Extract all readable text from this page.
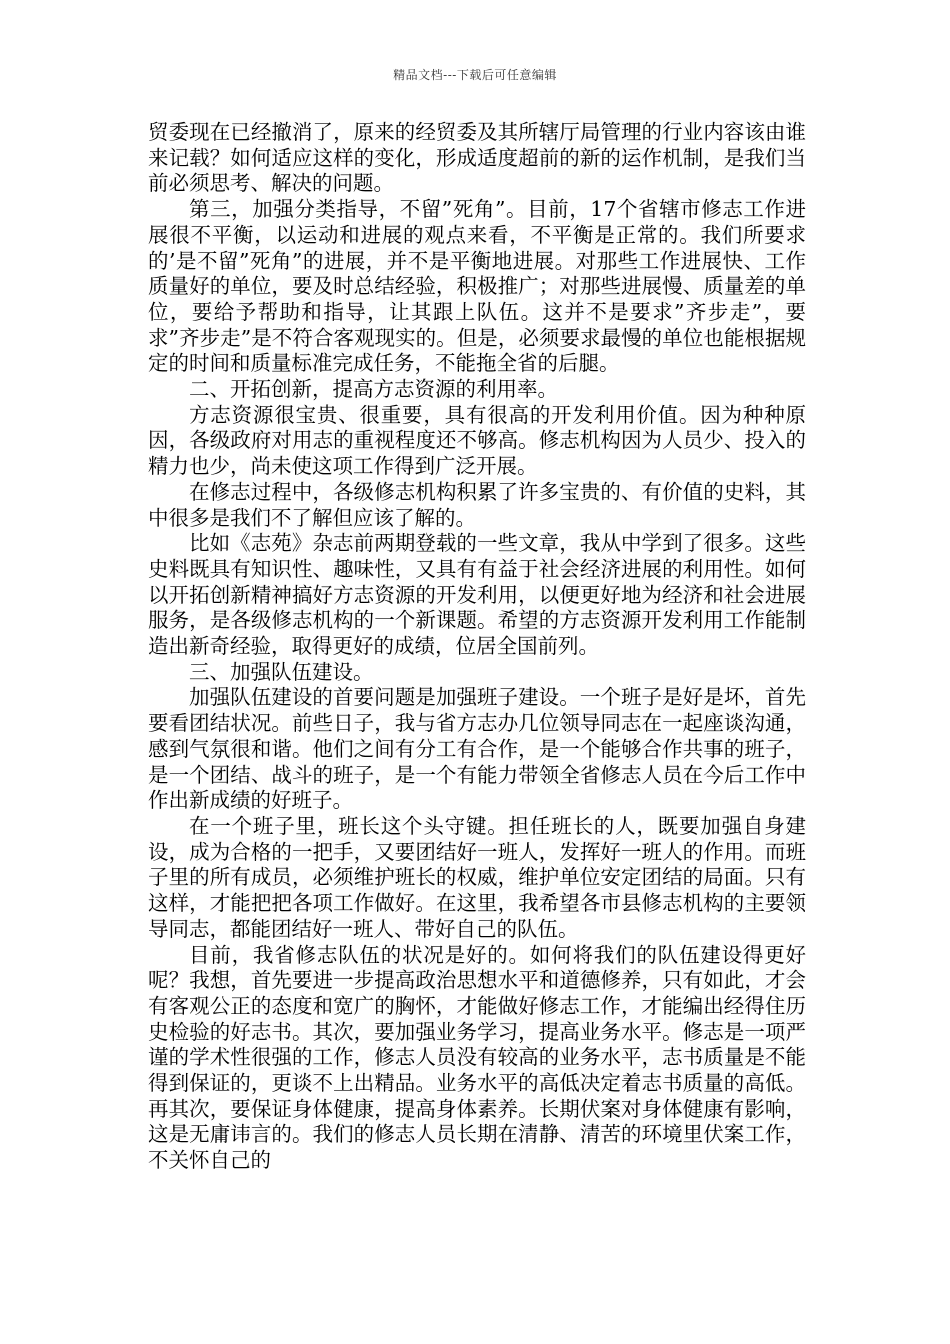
精品文档---下载后可任意编辑

贸委现在已经撤消了，原来的经贸委及其所辖厅局管理的行业内容该由谁来记载？如何适应这样的变化，形成适度超前的新的运作机制，是我们当前必须思考、解决的问题。

第三，加强分类指导，不留”死角”。目前，17个省辖市修志工作进展很不平衡，以运动和进展的观点来看，不平衡是正常的。我们所要求的’是不留”死角”的进展，并不是平衡地进展。对那些工作进展快、工作质量好的单位，要及时总结经验，积极推广；对那些进展慢、质量差的单位，要给予帮助和指导，让其跟上队伍。这并不是要求”齐步走”，要求”齐步走”是不符合客观现实的。但是，必须要求最慢的单位也能根据规定的时间和质量标准完成任务，不能拖全省的后腿。

二、开拓创新，提高方志资源的利用率。

方志资源很宝贵、很重要，具有很高的开发利用价值。因为种种原因，各级政府对用志的重视程度还不够高。修志机构因为人员少、投入的精力也少，尚未使这项工作得到广泛开展。

在修志过程中，各级修志机构积累了许多宝贵的、有价值的史料，其中很多是我们不了解但应该了解的。

比如《志苑》杂志前两期登载的一些文章，我从中学到了很多。这些史料既具有知识性、趣味性，又具有有益于社会经济进展的利用性。如何以开拓创新精神搞好方志资源的开发利用，以便更好地为经济和社会进展服务，是各级修志机构的一个新课题。希望的方志资源开发利用工作能制造出新奇经验，取得更好的成绩，位居全国前列。

三、加强队伍建设。

加强队伍建设的首要问题是加强班子建设。一个班子是好是坏，首先要看团结状况。前些日子，我与省方志办几位领导同志在一起座谈沟通，感到气氛很和谐。他们之间有分工有合作，是一个能够合作共事的班子，是一个团结、战斗的班子，是一个有能力带领全省修志人员在今后工作中作出新成绩的好班子。

在一个班子里，班长这个头守键。担任班长的人，既要加强自身建设，成为合格的一把手，又要团结好一班人，发挥好一班人的作用。而班子里的所有成员，必须维护班长的权威，维护单位安定团结的局面。只有这样，才能把把各项工作做好。在这里，我希望各市县修志机构的主要领导同志，都能团结好一班人、带好自己的队伍。

目前，我省修志队伍的状况是好的。如何将我们的队伍建设得更好呢？我想，首先要进一步提高政治思想水平和道德修养，只有如此，才会有客观公正的态度和宽广的胸怀，才能做好修志工作，才能编出经得住历史检验的好志书。其次，要加强业务学习，提高业务水平。修志是一项严谨的学术性很强的工作，修志人员没有较高的业务水平，志书质量是不能得到保证的，更谈不上出精品。业务水平的高低决定着志书质量的高低。再其次，要保证身体健康，提高身体素养。长期伏案对身体健康有影响，这是无庸讳言的。我们的修志人员长期在清静、清苦的环境里伏案工作，不关怀自己的
